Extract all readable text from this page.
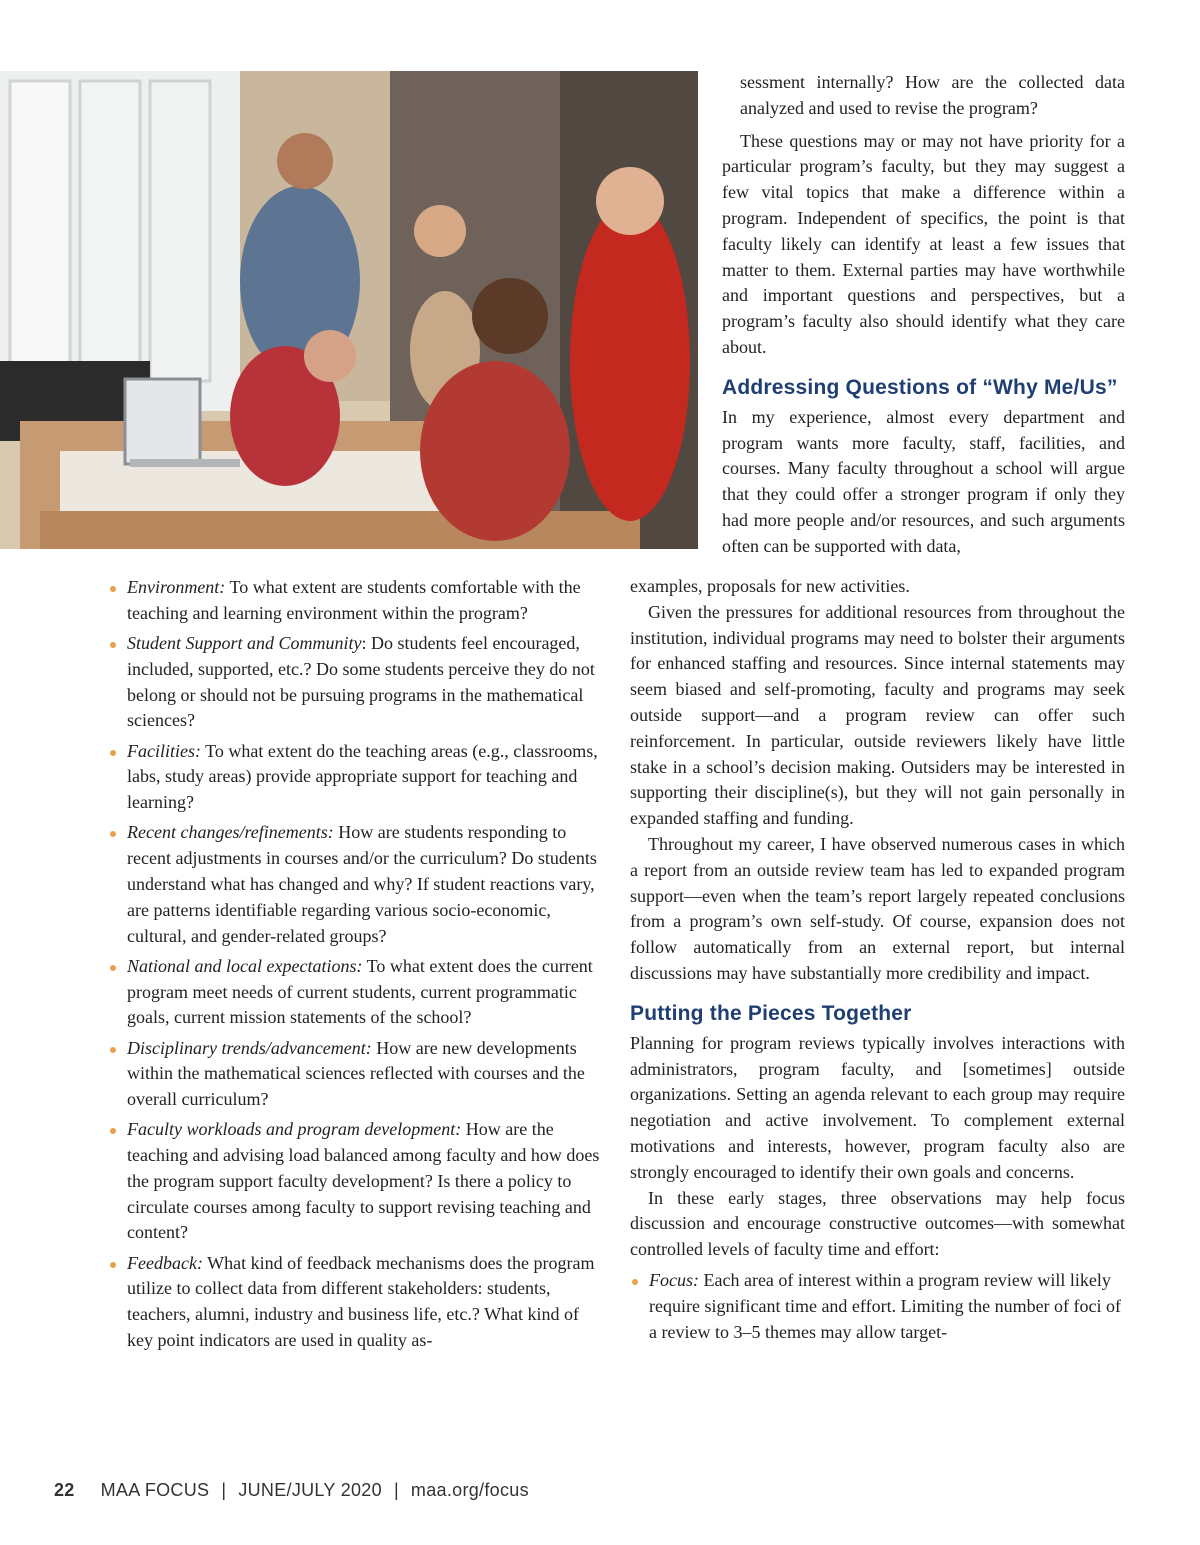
sessment internally? How are the collected data analyzed and used to revise the program?

These questions may or may not have priority for a particular program’s faculty, but they may suggest a few vital topics that make a difference within a program. Independent of specifics, the point is that faculty likely can identify at least a few issues that matter to them. External parties may have worthwhile and important questions and perspectives, but a program’s faculty also should identify what they care about.

Addressing Questions of “Why Me/Us”

In my experience, almost every department and program wants more faculty, staff, facilities, and courses. Many faculty throughout a school will argue that they could offer a stronger program if only they had more people and/or resources, and such arguments often can be supported with data,

examples, proposals for new activities.

Given the pressures for additional resources from throughout the institution, individual programs may need to bolster their arguments for enhanced staffing and resources. Since internal statements may seem biased and self-promoting, faculty and programs may seek outside support—and a program review can offer such reinforcement. In particular, outside reviewers likely have little stake in a school’s decision making. Outsiders may be interested in supporting their discipline(s), but they will not gain personally in expanded staffing and funding.

Throughout my career, I have observed numerous cases in which a report from an outside review team has led to expanded program support—even when the team’s report largely repeated conclusions from a program’s own self-study. Of course, expansion does not follow automatically from an external report, but internal discussions may have substantially more credibility and impact.

Putting the Pieces Together

Planning for program reviews typically involves interactions with administrators, program faculty, and [sometimes] outside organizations. Setting an agenda relevant to each group may require negotiation and active involvement. To complement external motivations and interests, however, program faculty also are strongly encouraged to identify their own goals and concerns.

In these early stages, three observations may help focus discussion and encourage constructive outcomes—with somewhat controlled levels of faculty time and effort:

Focus: Each area of interest within a program review will likely require significant time and effort. Limiting the number of foci of a review to 3–5 themes may allow target-
Environment: To what extent are students comfortable with the teaching and learning environment within the program?
Student Support and Community: Do students feel encouraged, included, supported, etc.? Do some students perceive they do not belong or should not be pursuing programs in the mathematical sciences?
Facilities: To what extent do the teaching areas (e.g., classrooms, labs, study areas) provide appropriate support for teaching and learning?
Recent changes/refinements: How are students responding to recent adjustments in courses and/or the curriculum? Do students understand what has changed and why? If student reactions vary, are patterns identifiable regarding various socio-economic, cultural, and gender-related groups?
National and local expectations: To what extent does the current program meet needs of current students, current programmatic goals, current mission statements of the school?
Disciplinary trends/advancement: How are new developments within the mathematical sciences reflected with courses and the overall curriculum?
Faculty workloads and program development: How are the teaching and advising load balanced among faculty and how does the program support faculty development? Is there a policy to circulate courses among faculty to support revising teaching and content?
Feedback: What kind of feedback mechanisms does the program utilize to collect data from different stakeholders: students, teachers, alumni, industry and business life, etc.? What kind of key point indicators are used in quality as-
22 MAA FOCUS | JUNE/JULY 2020 | maa.org/focus
